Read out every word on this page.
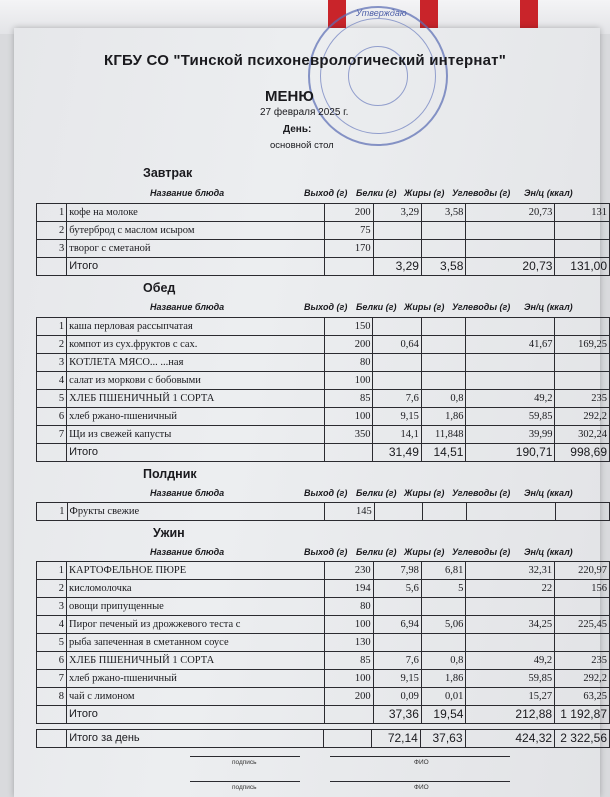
Утверждаю
КГБУ СО "Тинской психоневрологический интернат"
МЕНЮ
27 февраля 2025 г.
День:
основной стол
Завтрак
Название блюда	Выход (г) Белки (г) Жиры (г) Углеводы (г) Эн/ц (ккал)
1	кофе на молоке	200	3,29	3,58	20,73	131
2	бутерброд с маслом исыром	75				
3	творог с сметаной	170				
	Итого		3,29	3,58	20,73	131,00
Обед
Название блюда	Выход (г) Белки (г) Жиры (г) Углеводы (г) Эн/ц (ккал)
1	каша перловая рассыпчатая	150				
2	компот из сух.фруктов с сах.	200	0,64		41,67	169,25
3	КОТЛЕТА МЯСО... ...ная	80				
4	салат из моркови с бобовыми	100				
5	ХЛЕБ ПШЕНИЧНЫЙ 1 СОРТА	85	7,6	0,8	49,2	235
6	хлеб ржано-пшеничный	100	9,15	1,86	59,85	292,2
7	Щи из свежей капусты	350	14,1	11,848	39,99	302,24
	Итого		31,49	14,51	190,71	998,69
Полдник
Название блюда	Выход (г) Белки (г) Жиры (г) Углеводы (г) Эн/ц (ккал)
1	Фрукты свежие	145				
Ужин
Название блюда	Выход (г) Белки (г) Жиры (г) Углеводы (г) Эн/ц (ккал)
1	КАРТОФЕЛЬНОЕ ПЮРЕ	230	7,98	6,81	32,31	220,97
2	кисломолочка	194	5,6	5	22	156
3	овощи припущенные	80				
4	Пирог печеный из дрожжевого теста с	100	6,94	5,06	34,25	225,45
5	рыба запеченная в сметанном соусе	130				
6	ХЛЕБ ПШЕНИЧНЫЙ 1 СОРТА	85	7,6	0,8	49,2	235
7	хлеб ржано-пшеничный	100	9,15	1,86	59,85	292,2
8	чай с лимоном	200	0,09	0,01	15,27	63,25
	Итого		37,36	19,54	212,88	1 192,87
	Итого за день		72,14	37,63	424,32	2 322,56
подпись	ФИО
подпись	ФИО
